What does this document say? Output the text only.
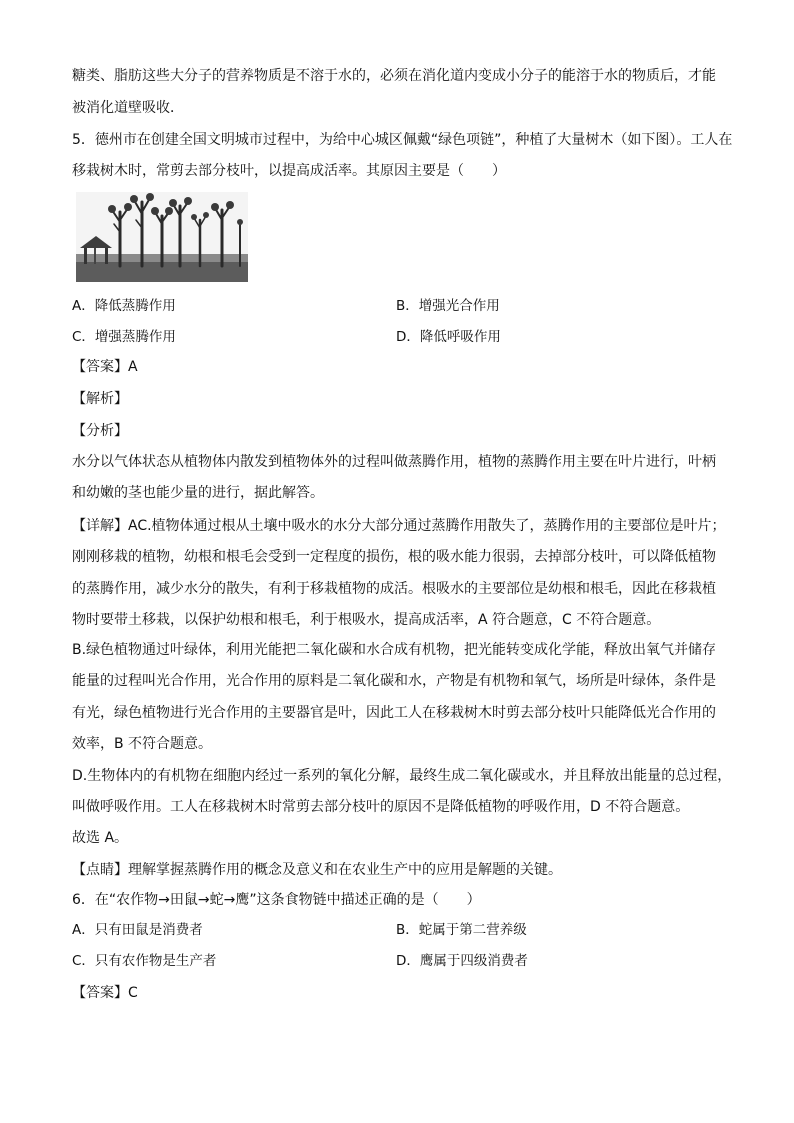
糖类、脂肪这些大分子的营养物质是不溶于水的，必须在消化道内变成小分子的能溶于水的物质后，才能
被消化道壁吸收．
5．德州市在创建全国文明城市过程中，为给中心城区佩戴“绿色项链”，种植了大量树木（如下图）。工人在
移栽树木时，常剪去部分枝叶，以提高成活率。其原因主要是（　　）
A．降低蒸腾作用	B．增强光合作用
C．增强蒸腾作用	D．降低呼吸作用
【答案】A
【解析】
【分析】
水分以气体状态从植物体内散发到植物体外的过程叫做蒸腾作用，植物的蒸腾作用主要在叶片进行，叶柄
和幼嫩的茎也能少量的进行，据此解答。
【详解】AC.植物体通过根从土壤中吸水的水分大部分通过蒸腾作用散失了，蒸腾作用的主要部位是叶片；
刚刚移栽的植物，幼根和根毛会受到一定程度的损伤，根的吸水能力很弱，去掉部分枝叶，可以降低植物
的蒸腾作用，减少水分的散失，有利于移栽植物的成活。根吸水的主要部位是幼根和根毛，因此在移栽植
物时要带土移栽，以保护幼根和根毛，利于根吸水，提高成活率，A 符合题意，C 不符合题意。
B.绿色植物通过叶绿体，利用光能把二氧化碳和水合成有机物，把光能转变成化学能，释放出氧气并储存
能量的过程叫光合作用，光合作用的原料是二氧化碳和水，产物是有机物和氧气，场所是叶绿体，条件是
有光，绿色植物进行光合作用的主要器官是叶，因此工人在移栽树木时剪去部分枝叶只能降低光合作用的
效率，B 不符合题意。
D.生物体内的有机物在细胞内经过一系列的氧化分解，最终生成二氧化碳或水，并且释放出能量的总过程，
叫做呼吸作用。工人在移栽树木时常剪去部分枝叶的原因不是降低植物的呼吸作用，D 不符合题意。
故选 A。
【点睛】理解掌握蒸腾作用的概念及意义和在农业生产中的应用是解题的关键。
6．在“农作物→田鼠→蛇→鹰”这条食物链中描述正确的是（　　）
A．只有田鼠是消费者	B．蛇属于第二营养级
C．只有农作物是生产者	D．鹰属于四级消费者
【答案】C
